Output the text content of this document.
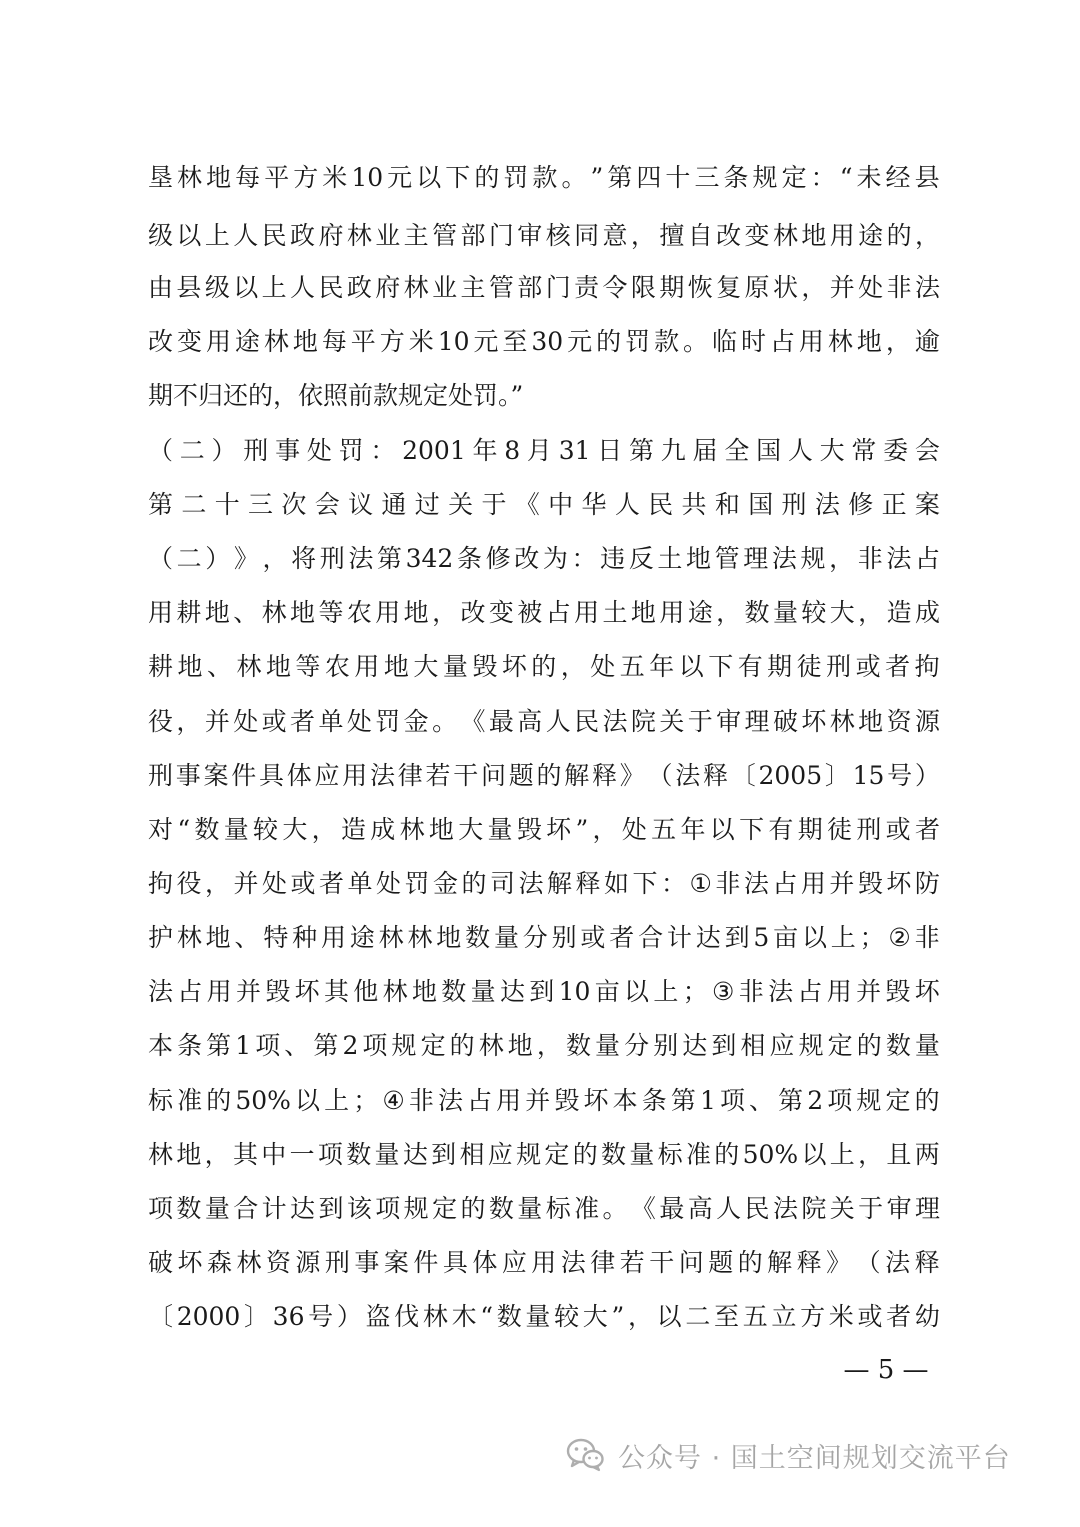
垦 林 地 每 平 方 米 10 元 以 下 的 罚 款 。 ” 第 四 十 三 条 规 定 ： “ 未 经 县
级 以 上 人 民 政 府 林 业 主 管 部 门 审 核 同 意 ， 擅 自 改 变 林 地 用 途 的 ，
由 县 级 以 上 人 民 政 府 林 业 主 管 部 门 责 令 限 期 恢 复 原 状 ， 并 处 非 法
改 变 用 途 林 地 每 平 方 米 10 元 至 30 元 的 罚 款 。 临 时 占 用 林 地 ， 逾
期不归还的，依照前款规定处罚。”
（ 二 ） 刑 事 处 罚 ： 2001 年 8 月 31 日 第 九 届 全 国 人 大 常 委 会
第 二 十 三 次 会 议 通 过 关 于 《 中 华 人 民 共 和 国 刑 法 修 正 案
（ 二 ） 》 ， 将 刑 法 第 342 条 修 改 为 ： 违 反 土 地 管 理 法 规 ， 非 法 占
用 耕 地 、 林 地 等 农 用 地 ， 改 变 被 占 用 土 地 用 途 ， 数 量 较 大 ， 造 成
耕 地 、 林 地 等 农 用 地 大 量 毁 坏 的 ， 处 五 年 以 下 有 期 徒 刑 或 者 拘
役 ， 并 处 或 者 单 处 罚 金 。 《 最 高 人 民 法 院 关 于 审 理 破 坏 林 地 资 源
刑 事 案 件 具 体 应 用 法 律 若 干 问 题 的 解 释 》 （ 法 释 〔 2005 〕 15 号 ）
对 “ 数 量 较 大 ， 造 成 林 地 大 量 毁 坏 ” ， 处 五 年 以 下 有 期 徒 刑 或 者
拘 役 ， 并 处 或 者 单 处 罚 金 的 司 法 解 释 如 下 ： ① 非 法 占 用 并 毁 坏 防
护 林 地 、 特 种 用 途 林 林 地 数 量 分 别 或 者 合 计 达 到 5 亩 以 上 ； ② 非
法 占 用 并 毁 坏 其 他 林 地 数 量 达 到 10 亩 以 上 ； ③ 非 法 占 用 并 毁 坏
本 条 第 1 项 、 第 2 项 规 定 的 林 地 ， 数 量 分 别 达 到 相 应 规 定 的 数 量
标 准 的 50% 以 上 ； ④ 非 法 占 用 并 毁 坏 本 条 第 1 项 、 第 2 项 规 定 的
林 地 ， 其 中 一 项 数 量 达 到 相 应 规 定 的 数 量 标 准 的 50% 以 上 ， 且 两
项 数 量 合 计 达 到 该 项 规 定 的 数 量 标 准 。 《 最 高 人 民 法 院 关 于 审 理
破 坏 森 林 资 源 刑 事 案 件 具 体 应 用 法 律 若 干 问 题 的 解 释 》 （ 法 释
〔 2000 〕 36 号 ） 盗 伐 林 木 “ 数 量 较 大 ” ， 以 二 至 五 立 方 米 或 者 幼
— 5 —
公众号 · 国土空间规划交流平台
